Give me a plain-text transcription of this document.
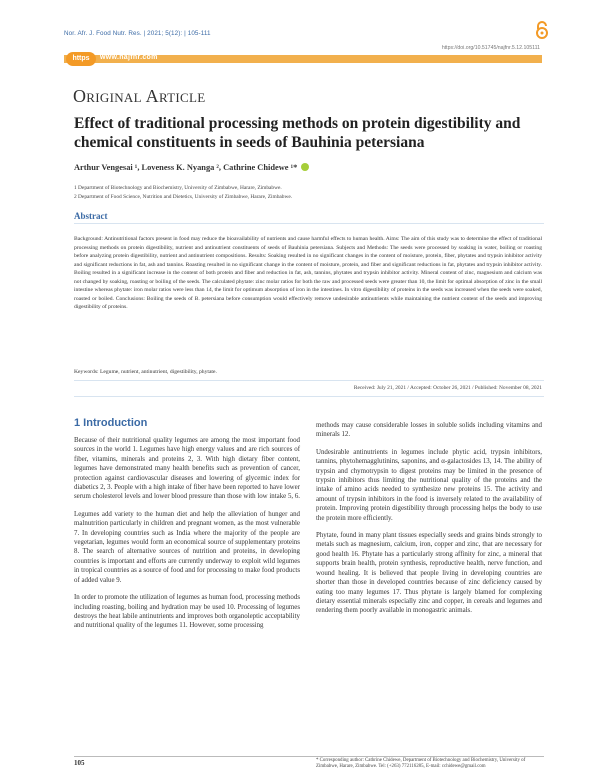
Nor. Afr. J. Food Nutr. Res. | 2021; 5(12): | 105-111
https://doi.org/10.51745/najfnr.5.12.105111
https	www.najfnr.com
Original Article
Effect of traditional processing methods on protein digestibility and chemical constituents in seeds of Bauhinia petersiana
Arthur Vengesai ¹, Loveness K. Nyanga ², Cathrine Chidewe ¹*
1 Department of Biotechnology and Biochemistry, University of Zimbabwe, Harare, Zimbabwe.
2 Department of Food Science, Nutrition and Dietetics, University of Zimbabwe, Harare, Zimbabwe.
Abstract
Background: Antinutritional factors present in food may reduce the bioavailability of nutrients and cause harmful effects to human health. Aims: The aim of this study was to determine the effect of traditional processing methods on protein digestibility, nutrient and antinutrient constituents of seeds of Bauhinia petersiana. Subjects and Methods: The seeds were processed by soaking in water, boiling or roasting before analyzing protein digestibility, nutrient and antinutrient compositions. Results: Soaking resulted in no significant changes in the content of moisture, protein, fiber, phytates and trypsin inhibitor activity and significant reductions in fat, ash and tannins. Roasting resulted in no significant change in the content of moisture, protein, and fiber and significant reductions in fat, phytates and trypsin inhibitor activity. Boiling resulted in a significant increase in the content of both protein and fiber and reduction in fat, ash, tannins, phytates and trypsin inhibitor activity. Mineral content of zinc, magnesium and calcium was not changed by soaking, roasting or boiling of the seeds. The calculated phytate: zinc molar ratios for both the raw and processed seeds were greater than 10, the limit for optimal absorption of zinc in the small intestine whereas phytate: iron molar ratios were less than 14, the limit for optimum absorption of iron in the intestines. In vitro digestibility of proteins in the seeds was increased when the seeds were soaked, roasted or boiled. Conclusions: Boiling the seeds of B. petersiana before consumption would effectively remove undesirable antinutrients while maintaining the nutrient content of the seeds and improving digestibility of proteins.
Keywords: Legume, nutrient, antinutrient, digestibility, phytate.
Received: July 21, 2021 / Accepted: October 26, 2021 / Published: November 08, 2021
1 Introduction

Because of their nutritional quality legumes are among the most important food sources in the world 1. Legumes have high energy values and are rich sources of fiber, vitamins, minerals and proteins 2, 3. With high dietary fiber content, legumes have demonstrated many health benefits such as prevention of cancer, protection against cardiovascular diseases and lowering of glycemic index for diabetics 2, 3. People with a high intake of fiber have been reported to have lower serum cholesterol levels and lower blood pressure than those with low intake 5, 6.

Legumes add variety to the human diet and help the alleviation of hunger and malnutrition particularly in children and pregnant women, as the most vulnerable 7. In developing countries such as India where the majority of the people are vegetarian, legumes would form an economical source of supplementary proteins 8. The search of alternative sources of nutrition and proteins, in developing countries is important and efforts are currently underway to exploit wild legumes in tropical countries as a source of food and for processing to make food products of added value 9.

In order to promote the utilization of legumes as human food, processing methods including roasting, boiling and hydration may be used 10. Processing of legumes destroys the heat labile antinutrients and improves both organoleptic acceptability and nutritional quality of the legumes 11. However, some processing

methods may cause considerable losses in soluble solids including vitamins and minerals 12.

Undesirable antinutrients in legumes include phytic acid, trypsin inhibitors, tannins, phytohemagglutinins, saponins, and α-galactosides 13, 14. The ability of trypsin and chymotrypsin to digest proteins may be limited in the presence of trypsin inhibitors thus limiting the nutritional quality of the proteins and the intake of amino acids needed to synthesize new proteins 15. The activity and amount of trypsin inhibitors in the food is inversely related to the availability of protein. Improving protein digestibility through processing helps the body to use the protein more efficiently.

Phytate, found in many plant tissues especially seeds and grains binds strongly to metals such as magnesium, calcium, iron, copper and zinc, that are necessary for good health 16. Phytate has a particularly strong affinity for zinc, a mineral that supports brain health, protein synthesis, reproductive health, nerve function, and wound healing. It is believed that people living in developing countries are shorter than those in developed countries because of zinc deficiency caused by eating too many legumes 17. Thus phytate is largely blamed for complexing dietary essential minerals especially zinc and copper, in cereals and legumes and rendering them poorly available in monogastric animals.

105	* Corresponding author: Cathrine Chidewe, Department of Biotechnology and Biochemistry, University of Zimbabwe, Harare, Zimbabwe. Tel: (+263) 772116285, E-mail: cchidewe@gmail.com
